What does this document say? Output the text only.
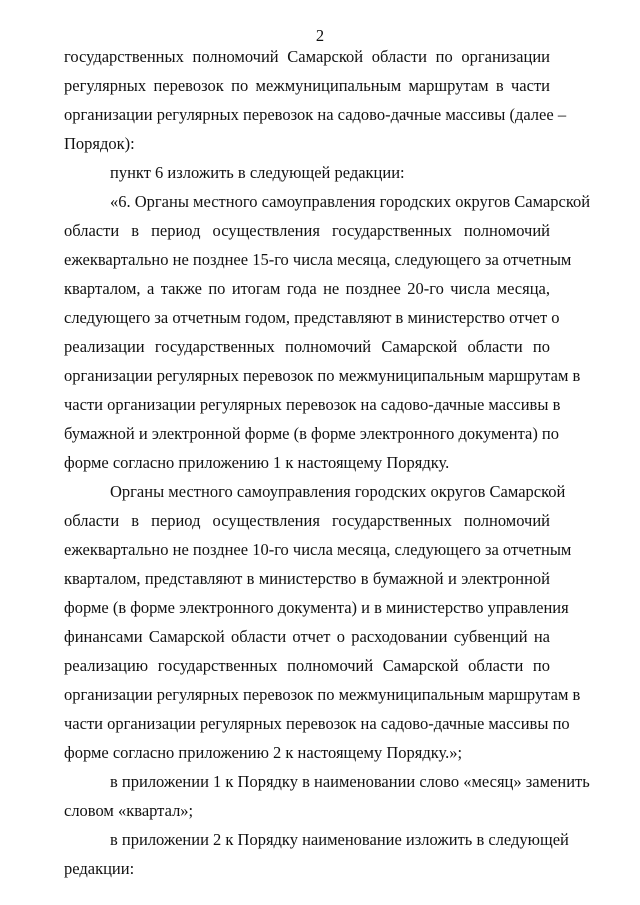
2
государственных полномочий Самарской области по организации
регулярных перевозок по межмуниципальным маршрутам в части
организации регулярных перевозок на садово-дачные массивы (далее –
Порядок):
пункт 6 изложить в следующей редакции:
«6. Органы местного самоуправления городских округов Самарской
области в период осуществления государственных полномочий
ежеквартально не позднее 15-го числа месяца, следующего за отчетным
кварталом, а также по итогам года не позднее 20-го числа месяца,
следующего за отчетным годом, представляют в министерство отчет о
реализации государственных полномочий Самарской области по
организации регулярных перевозок по межмуниципальным маршрутам в
части организации регулярных перевозок на садово-дачные массивы в
бумажной и электронной форме (в форме электронного документа) по
форме согласно приложению 1 к настоящему Порядку.
Органы местного самоуправления городских округов Самарской
области в период осуществления государственных полномочий
ежеквартально не позднее 10-го числа месяца, следующего за отчетным
кварталом, представляют в министерство в бумажной и электронной
форме (в форме электронного документа) и в министерство управления
финансами Самарской области отчет о расходовании субвенций на
реализацию государственных полномочий Самарской области по
организации регулярных перевозок по межмуниципальным маршрутам в
части организации регулярных перевозок на садово-дачные массивы по
форме согласно приложению 2 к настоящему Порядку.»;
в приложении 1 к Порядку в наименовании слово «месяц» заменить
словом «квартал»;
в приложении 2 к Порядку наименование изложить в следующей
редакции:
